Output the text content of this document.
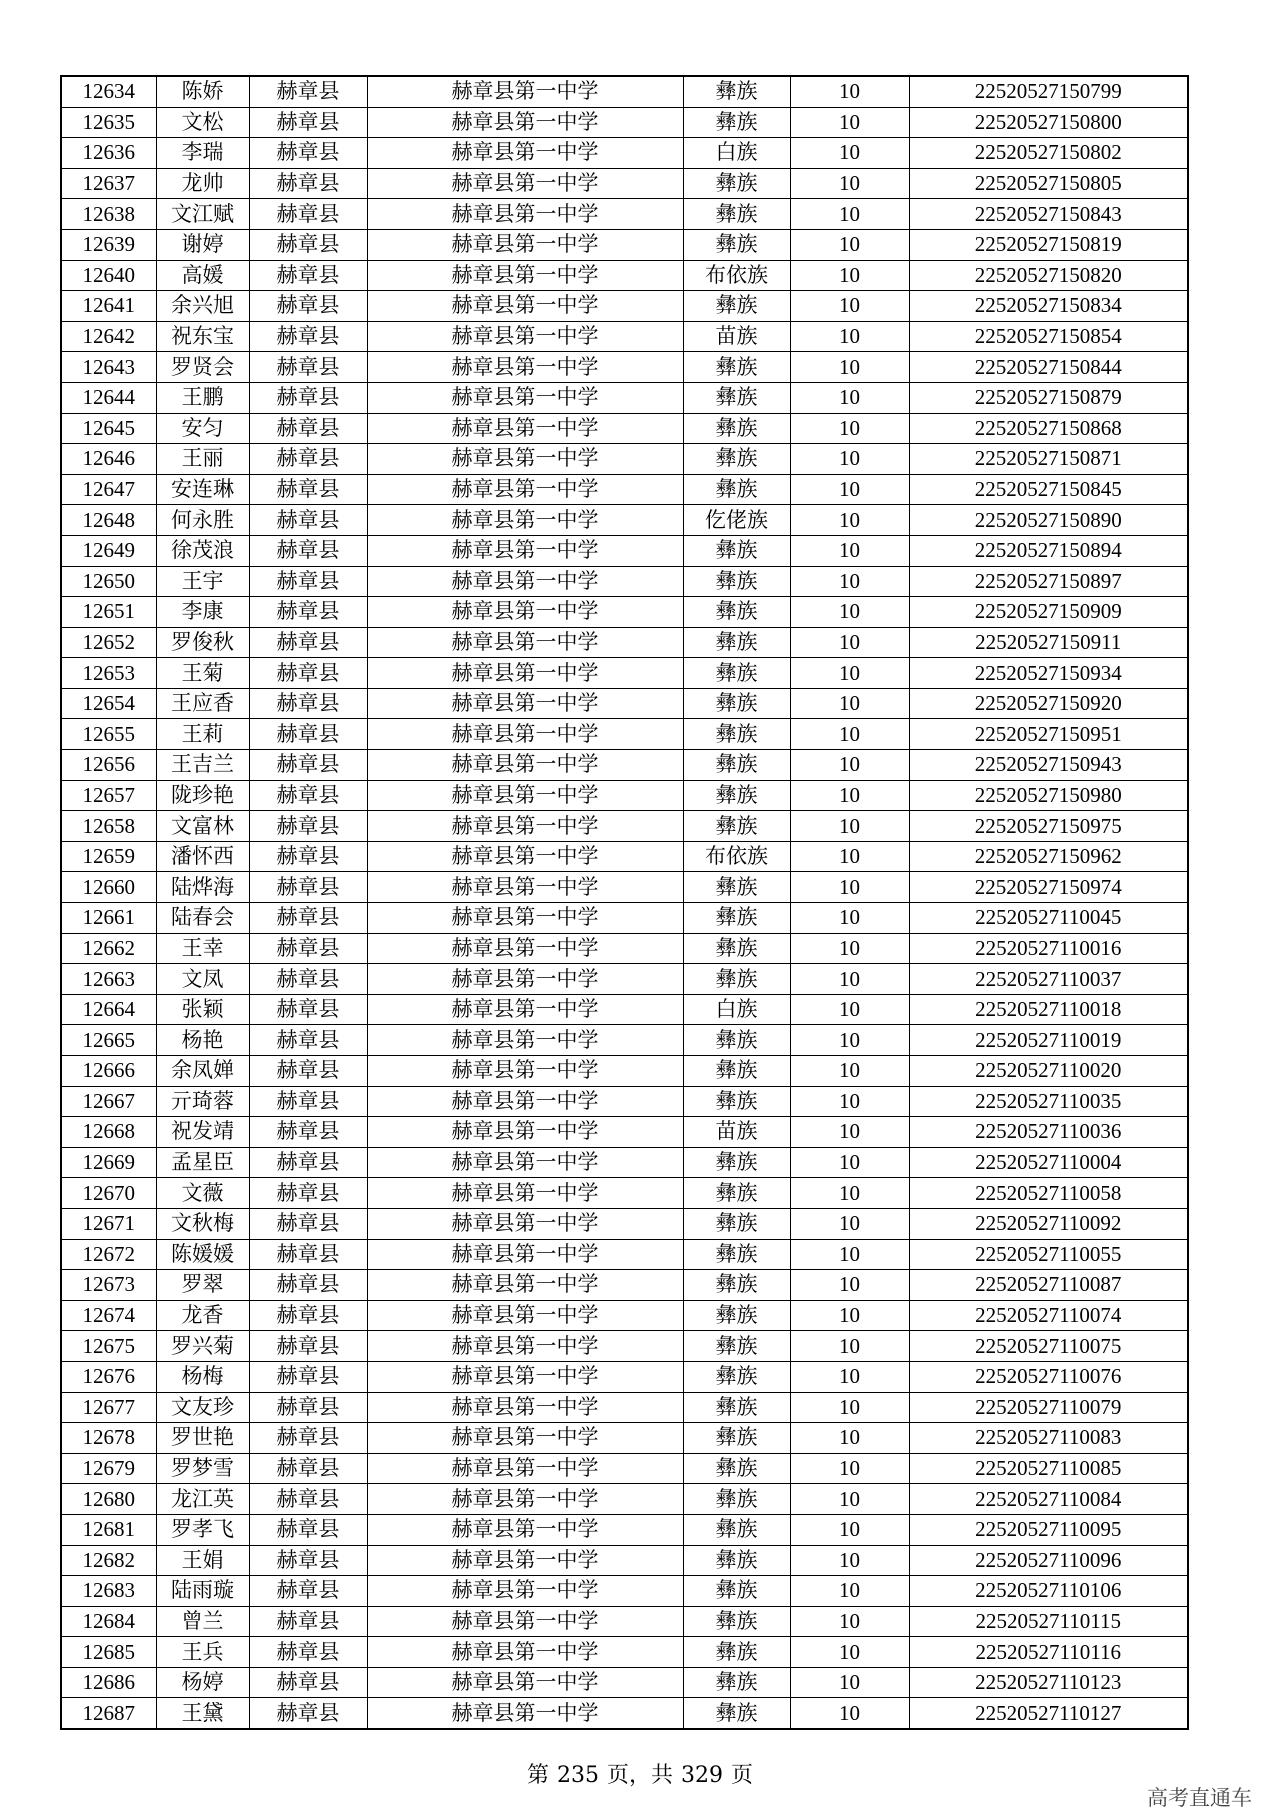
12634	陈娇	赫章县	赫章县第一中学	彝族	10	22520527150799
12635	文松	赫章县	赫章县第一中学	彝族	10	22520527150800
12636	李瑞	赫章县	赫章县第一中学	白族	10	22520527150802
12637	龙帅	赫章县	赫章县第一中学	彝族	10	22520527150805
12638	文江赋	赫章县	赫章县第一中学	彝族	10	22520527150843
12639	谢婷	赫章县	赫章县第一中学	彝族	10	22520527150819
12640	高媛	赫章县	赫章县第一中学	布依族	10	22520527150820
12641	余兴旭	赫章县	赫章县第一中学	彝族	10	22520527150834
12642	祝东宝	赫章县	赫章县第一中学	苗族	10	22520527150854
12643	罗贤会	赫章县	赫章县第一中学	彝族	10	22520527150844
12644	王鹏	赫章县	赫章县第一中学	彝族	10	22520527150879
12645	安匀	赫章县	赫章县第一中学	彝族	10	22520527150868
12646	王丽	赫章县	赫章县第一中学	彝族	10	22520527150871
12647	安连琳	赫章县	赫章县第一中学	彝族	10	22520527150845
12648	何永胜	赫章县	赫章县第一中学	仡佬族	10	22520527150890
12649	徐茂浪	赫章县	赫章县第一中学	彝族	10	22520527150894
12650	王宇	赫章县	赫章县第一中学	彝族	10	22520527150897
12651	李康	赫章县	赫章县第一中学	彝族	10	22520527150909
12652	罗俊秋	赫章县	赫章县第一中学	彝族	10	22520527150911
12653	王菊	赫章县	赫章县第一中学	彝族	10	22520527150934
12654	王应香	赫章县	赫章县第一中学	彝族	10	22520527150920
12655	王莉	赫章县	赫章县第一中学	彝族	10	22520527150951
12656	王吉兰	赫章县	赫章县第一中学	彝族	10	22520527150943
12657	陇珍艳	赫章县	赫章县第一中学	彝族	10	22520527150980
12658	文富林	赫章县	赫章县第一中学	彝族	10	22520527150975
12659	潘怀西	赫章县	赫章县第一中学	布依族	10	22520527150962
12660	陆烨海	赫章县	赫章县第一中学	彝族	10	22520527150974
12661	陆春会	赫章县	赫章县第一中学	彝族	10	22520527110045
12662	王幸	赫章县	赫章县第一中学	彝族	10	22520527110016
12663	文凤	赫章县	赫章县第一中学	彝族	10	22520527110037
12664	张颖	赫章县	赫章县第一中学	白族	10	22520527110018
12665	杨艳	赫章县	赫章县第一中学	彝族	10	22520527110019
12666	余凤婵	赫章县	赫章县第一中学	彝族	10	22520527110020
12667	亓琦蓉	赫章县	赫章县第一中学	彝族	10	22520527110035
12668	祝发靖	赫章县	赫章县第一中学	苗族	10	22520527110036
12669	孟星臣	赫章县	赫章县第一中学	彝族	10	22520527110004
12670	文薇	赫章县	赫章县第一中学	彝族	10	22520527110058
12671	文秋梅	赫章县	赫章县第一中学	彝族	10	22520527110092
12672	陈媛媛	赫章县	赫章县第一中学	彝族	10	22520527110055
12673	罗翠	赫章县	赫章县第一中学	彝族	10	22520527110087
12674	龙香	赫章县	赫章县第一中学	彝族	10	22520527110074
12675	罗兴菊	赫章县	赫章县第一中学	彝族	10	22520527110075
12676	杨梅	赫章县	赫章县第一中学	彝族	10	22520527110076
12677	文友珍	赫章县	赫章县第一中学	彝族	10	22520527110079
12678	罗世艳	赫章县	赫章县第一中学	彝族	10	22520527110083
12679	罗梦雪	赫章县	赫章县第一中学	彝族	10	22520527110085
12680	龙江英	赫章县	赫章县第一中学	彝族	10	22520527110084
12681	罗孝飞	赫章县	赫章县第一中学	彝族	10	22520527110095
12682	王娟	赫章县	赫章县第一中学	彝族	10	22520527110096
12683	陆雨璇	赫章县	赫章县第一中学	彝族	10	22520527110106
12684	曾兰	赫章县	赫章县第一中学	彝族	10	22520527110115
12685	王兵	赫章县	赫章县第一中学	彝族	10	22520527110116
12686	杨婷	赫章县	赫章县第一中学	彝族	10	22520527110123
12687	王黛	赫章县	赫章县第一中学	彝族	10	22520527110127
第 235 页，共 329 页
高考直通车
